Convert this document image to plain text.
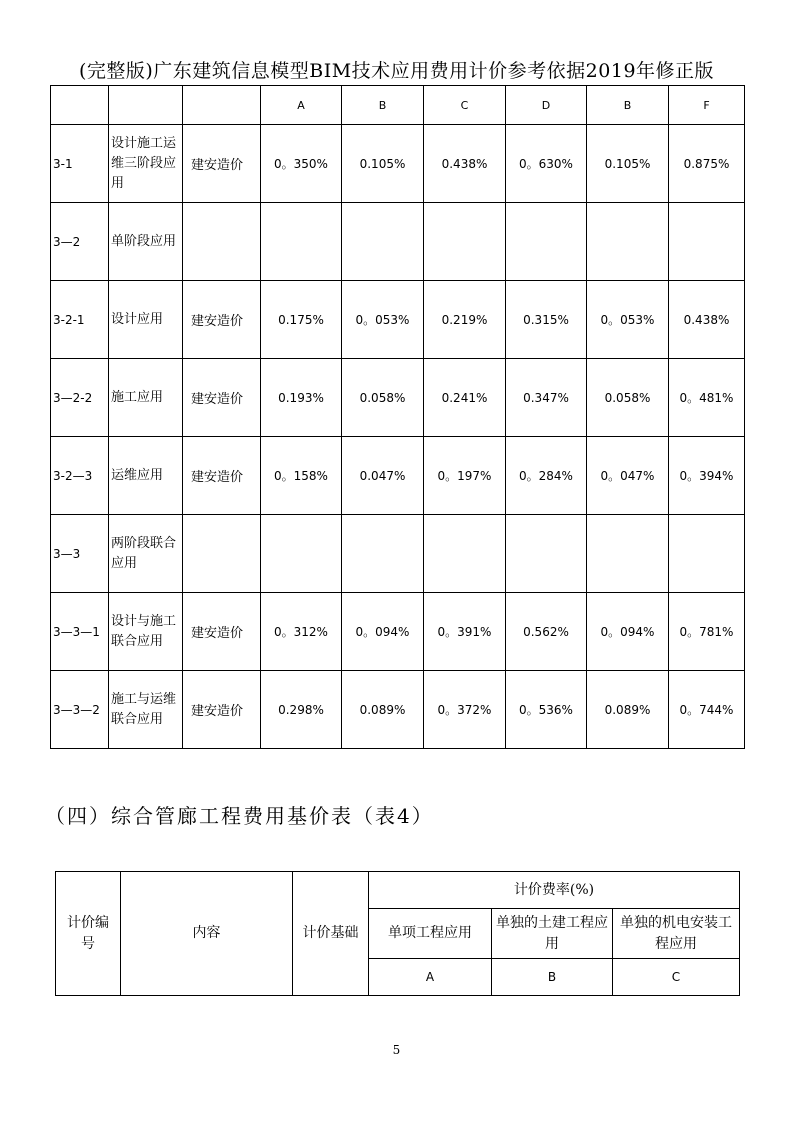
(完整版)广东建筑信息模型BIM技术应用费用计价参考依据2019年修正版
			A	B	C	D	B	F
3-1	设计施工运维三阶段应用	建安造价	0。350%	0.105%	0.438%	0。630%	0.105%	0.875%
3—2	单阶段应用							
3-2-1	设计应用	建安造价	0.175%	0。053%	0.219%	0.315%	0。053%	0.438%
3—2-2	施工应用	建安造价	0.193%	0.058%	0.241%	0.347%	0.058%	0。481%
3-2—3	运维应用	建安造价	0。158%	0.047%	0。197%	0。284%	0。047%	0。394%
3—3	两阶段联合应用							
3—3—1	设计与施工联合应用	建安造价	0。312%	0。094%	0。391%	0.562%	0。094%	0。781%
3—3—2	施工与运维联合应用	建安造价	0.298%	0.089%	0。372%	0。536%	0.089%	0。744%
（四）综合管廊工程费用基价表（表4）
计价编号	内容	计价基础	计价费率(%)		
			单项工程应用	单独的土建工程应用	单独的机电安装工程应用
			A	B	C
5
